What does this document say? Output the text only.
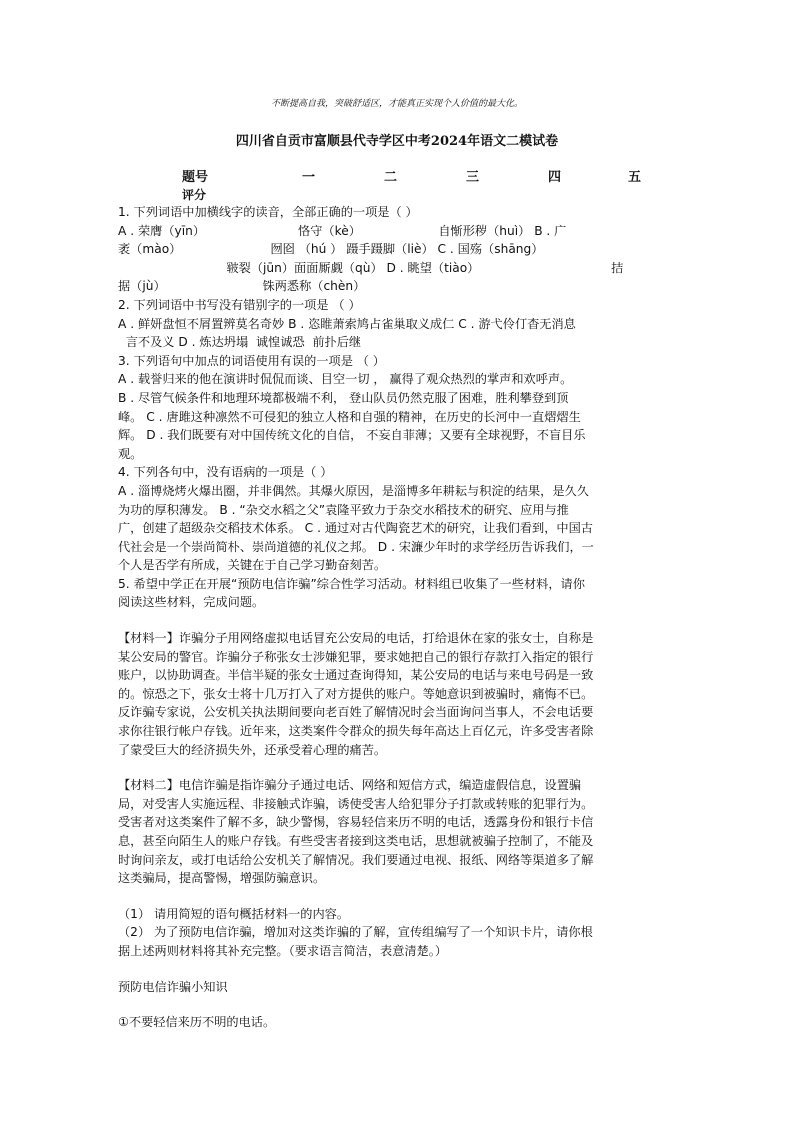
不断提高自我，突破舒适区，才能真正实现个人价值的最大化。
四川省自贡市富顺县代寺学区中考2024年语文二模试卷
题号	一	二	三	四	五
评分

1. 下列词语中加横线字的读音，全部正确的一项是（ ）

A . 荣膺（yīn）                        恪守（kè）                    自惭形秽（huì） B . 广

袤（mào）                       囫囵 （hú ） 蹑手蹑脚（liè） C . 国殇（shāng）

皲裂（jūn）面面厮觑（qù） D . 眺望（tiào）                                  拮

据（jù）                         铢两悉称（chèn）

2. 下列词语中书写没有错别字的一项是 （ ）

A . 鲜妍盘恒不屑置辨莫名奇妙 B . 恣睢萧索鸠占雀巢取义成仁 C . 游弋伶仃杳无消息

言不及义 D . 炼达坍塌  诚惶诚恐  前扑后继

3. 下列语句中加点的词语使用有误的一项是 （ ）

A . 载誉归来的他在演讲时侃侃而谈、目空一切 ， 赢得了观众热烈的掌声和欢呼声。

B . 尽管气候条件和地理环境都极端不利， 登山队员仍然克服了困难，胜利攀登到顶

峰。 C . 唐雎这种凛然不可侵犯的独立人格和自强的精神，在历史的长河中一直熠熠生

辉。 D . 我们既要有对中国传统文化的自信， 不妄自菲薄；又要有全球视野，不盲目乐

观。

4. 下列各句中，没有语病的一项是（ ）

A . 淄博烧烤火爆出圈，并非偶然。其爆火原因，是淄博多年耕耘与积淀的结果，是久久

为功的厚积薄发。 B . “杂交水稻之父”袁隆平致力于杂交水稻技术的研究、应用与推

广，创建了超级杂交稻技术体系。 C . 通过对古代陶瓷艺术的研究，让我们看到，中国古

代社会是一个崇尚简朴、崇尚道德的礼仪之邦。 D . 宋濂少年时的求学经历告诉我们，一

个人是否学有所成，关键在于自己学习勤奋刻苦。

5. 希望中学正在开展“预防电信诈骗”综合性学习活动。材料组已收集了一些材料，请你

阅读这些材料，完成问题。

【材料一】诈骗分子用网络虚拟电话冒充公安局的电话，打给退休在家的张女士，自称是

某公安局的警官。诈骗分子称张女士涉嫌犯罪，要求她把自己的银行存款打入指定的银行

账户，以协助调查。半信半疑的张女士通过查询得知，某公安局的电话与来电号码是一致

的。惊恐之下，张女士将十几万打入了对方提供的账户。等她意识到被骗时，痛悔不已。

反诈骗专家说，公安机关执法期间要向老百姓了解情况时会当面询问当事人，不会电话要

求你往银行帐户存钱。近年来，这类案件令群众的损失每年高达上百亿元，许多受害者除

了蒙受巨大的经济损失外，还承受着心理的痛苦。

【材料二】电信诈骗是指诈骗分子通过电话、网络和短信方式，编造虚假信息，设置骗

局，对受害人实施远程、非接触式诈骗，诱使受害人给犯罪分子打款或转账的犯罪行为。

受害者对这类案件了解不多，缺少警惕，容易轻信来历不明的电话，透露身份和银行卡信

息，甚至向陌生人的账户存钱。有些受害者接到这类电话，思想就被骗子控制了，不能及

时询问亲友，或打电话给公安机关了解情况。我们要通过电视、报纸、网络等渠道多了解

这类骗局，提高警惕，增强防骗意识。

（1） 请用简短的语句概括材料一的内容。

（2） 为了预防电信诈骗，增加对这类诈骗的了解，宣传组编写了一个知识卡片，请你根

据上述两则材料将其补充完整。（要求语言简洁，表意清楚。）

预防电信诈骗小知识

①不要轻信来历不明的电话。
